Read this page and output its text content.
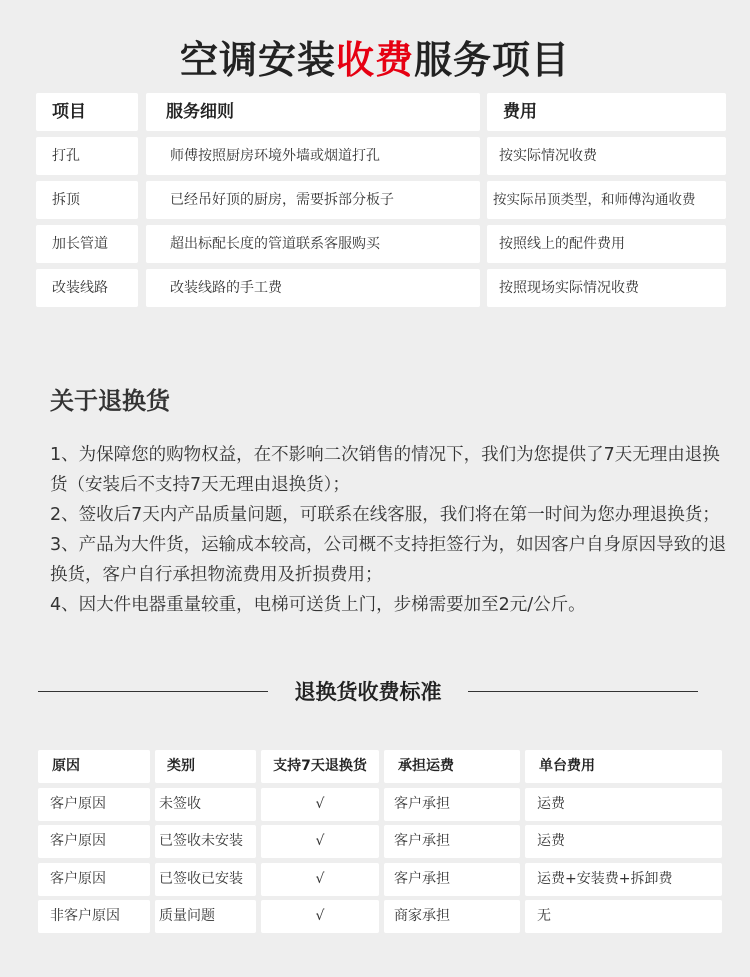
空调安装收费服务项目
项目	服务细则	费用
打孔	师傅按照厨房环境外墙或烟道打孔	按实际情况收费
拆顶	已经吊好顶的厨房，需要拆部分板子	按实际吊顶类型，和师傅沟通收费
加长管道	超出标配长度的管道联系客服购买	按照线上的配件费用
改装线路	改装线路的手工费	按照现场实际情况收费
关于退换货

1、为保障您的购物权益，在不影响二次销售的情况下，我们为您提供了7天无理由退换货（安装后不支持7天无理由退换货）；

2、签收后7天内产品质量问题，可联系在线客服，我们将在第一时间为您办理退换货；

3、产品为大件货，运输成本较高，公司概不支持拒签行为，如因客户自身原因导致的退换货，客户自行承担物流费用及折损费用；

4、因大件电器重量较重，电梯可送货上门，步梯需要加至2元/公斤。

退换货收费标准
原因	类别	支持7天退换货	承担运费	单台费用
客户原因	未签收	√	客户承担	运费
客户原因	已签收未安装	√	客户承担	运费
客户原因	已签收已安装	√	客户承担	运费+安装费+拆卸费
非客户原因	质量问题	√	商家承担	无
